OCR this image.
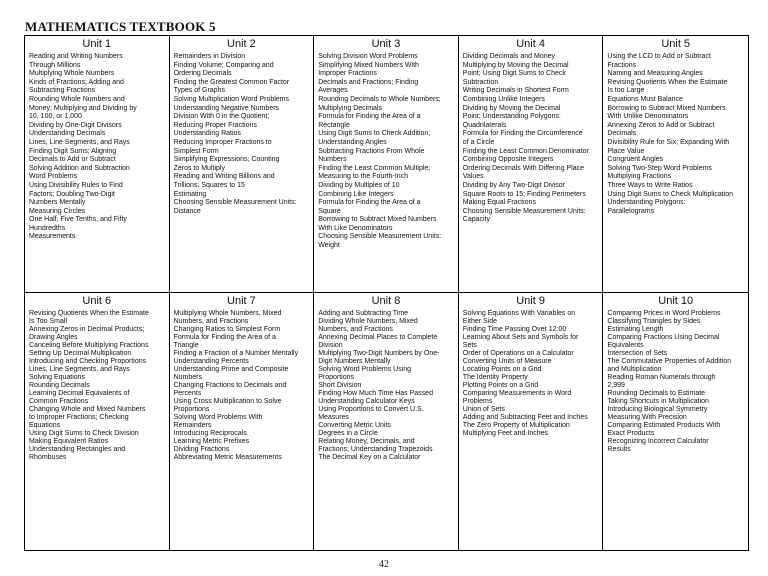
MATHEMATICS TEXTBOOK 5
Unit 1
Reading and Writing Numbers
Through Millions
Multiplying Whole Numbers
Kinds of Fractions; Adding and
Subtracting Fractions
Rounding Whole Numbers and
Money; Multiplying and Dividing by
10, 100, or 1,000
Dividing by One-Digit Divisors
Understanding Decimals
Lines, Line Segments, and Rays
Finding Digit Sums; Aligning
Decimals to Add or Subtract
Solving Addition and Subtraction
Word Problems
Using Divisibility Rules to Find
Factors; Doubling Two-Digit
Numbers Mentally
Measuring Circles
One Half, Five Tenths, and Fifty
Hundredths
Measurements
Unit 2
Remainders in Division
Finding Volume; Comparing and
Ordering Decimals
Finding the Greatest Common Factor
Types of Graphs
Solving Multiplication Word Problems
Understanding Negative Numbers
Division With 0 in the Quotient;
Reducing Proper Fractions
Understanding Ratios
Reducing Improper Fractions to
Simplest Form
Simplifying Expressions; Counting
Zeros to Multiply
Reading and Writing Billions and
Trillions; Squares to 15
Estimating
Choosing Sensible Measurement Units:
Distance
Unit 3
Solving Division Word Problems
Simplifying Mixed Numbers With
Improper Fractions
Decimals and Fractions; Finding
Averages
Rounding Decimals to Whole Numbers;
Multiplying Decimals
Formula for Finding the Area of a
Rectangle
Using Digit Sums to Check Addition;
Understanding Angles
Subtracting Fractions From Whole
Numbers
Finding the Least Common Multiple;
Measuring to the Fourth-Inch
Dividing by Multiples of 10
Combining Like Integers
Formula for Finding the Area of a
Square
Borrowing to Subtract Mixed Numbers
With Like Denominators
Choosing Sensible Measurement Units:
Weight
Unit 4
Dividing Decimals and Money
Multiplying by Moving the Decimal
Point; Using Digit Sums to Check
Subtraction
Writing Decimals in Shortest Form
Combining Unlike Integers
Dividing by Moving the Decimal
Point; Understanding Polygons:
Quadrilaterals
Formula for Finding the Circumference
of a Circle
Finding the Least Common Denominator
Combining Opposite Integers
Ordering Decimals With Differing Place
Values
Dividing by Any Two-Digit Divisor
Square Roots to 15; Finding Perimeters
Making Equal Fractions
Choosing Sensible Measurement Units:
Capacity
Unit 5
Using the LCD to Add or Subtract
Fractions
Naming and Measuring Angles
Revising Quotients When the Estimate
Is too Large
Equations Must Balance
Borrowing to Subtract Mixed Numbers
With Unlike Denominators
Annexing Zeros to Add or Subtract
Decimals
Divisibility Rule for Six; Expanding With
Place Value
Congruent Angles
Solving Two-Step Word Problems
Multiplying Fractions
Three Ways to Write Ratios
Using Digit Sums to Check Multiplication
Understanding Polygons:
Parallelograms
Unit 6
Revising Quotients When the Estimate
Is Too Small
Annexing Zeros in Decimal Products;
Drawing Angles
Canceling Before Multiplying Fractions
Setting Up Decimal Multiplication
Introducing and Checking Proportions
Lines, Line Segments, and Rays
Solving Equations
Rounding Decimals
Learning Decimal Equivalents of
Common Fractions
Changing Whole and Mixed Numbers
to Improper Fractions; Checking
Equations
Using Digit Sums to Check Division
Making Equivalent Ratios
Understanding Rectangles and
Rhombuses
Unit 7
Multiplying Whole Numbers, Mixed
Numbers, and Fractions
Changing Ratios to Simplest Form
Formula for Finding the Area of a
Triangle
Finding a Fraction of a Number Mentally
Understanding Percents
Understanding Prime and Composite
Numbers
Changing Fractions to Decimals and
Percents
Using Cross Multiplication to Solve
Proportions
Solving Word Problems With
Remainders
Introducing Reciprocals
Learning Metric Prefixes
Dividing Fractions
Abbreviating Metric Measurements
Unit 8
Adding and Subtracting Time
Dividing Whole Numbers, Mixed
Numbers, and Fractions
Annexing Decimal Places to Complete
Division
Multiplying Two-Digit Numbers by One-
Digit Numbers Mentally
Solving Word Problems Using
Proportions
Short Division
Finding How Much Time Has Passed
Understanding Calculator Keys
Using Proportions to Convert U.S.
Measures
Converting Metric Units
Degrees in a Circle
Relating Money, Decimals, and
Fractions; Understanding Trapezoids
The Decimal Key on a Calculator
Unit 9
Solving Equations With Variables on
Either Side
Finding Time Passing Over 12:00
Learning About Sets and Symbols for
Sets
Order of Operations on a Calculator
Converting Units of Measure
Locating Points on a Grid
The Identity Property
Plotting Points on a Grid
Comparing Measurements in Word
Problems
Union of Sets
Adding and Subtracting Feet and Inches
The Zero Property of Multiplication
Multiplying Feet and Inches
Unit 10
Comparing Prices in Word Problems
Classifying Triangles by Sides
Estimating Length
Comparing Fractions Using Decimal
Equivalents
Intersection of Sets
The Commutative Properties of Addition
and Multiplication
Reading Roman Numerals through
2,999
Rounding Decimals to Estimate
Taking Shortcuts in Multiplication
Introducing Biological Symmetry
Measuring With Precision
Comparing Estimated Products With
Exact Products
Recognizing Incorrect Calculator
Results
42
